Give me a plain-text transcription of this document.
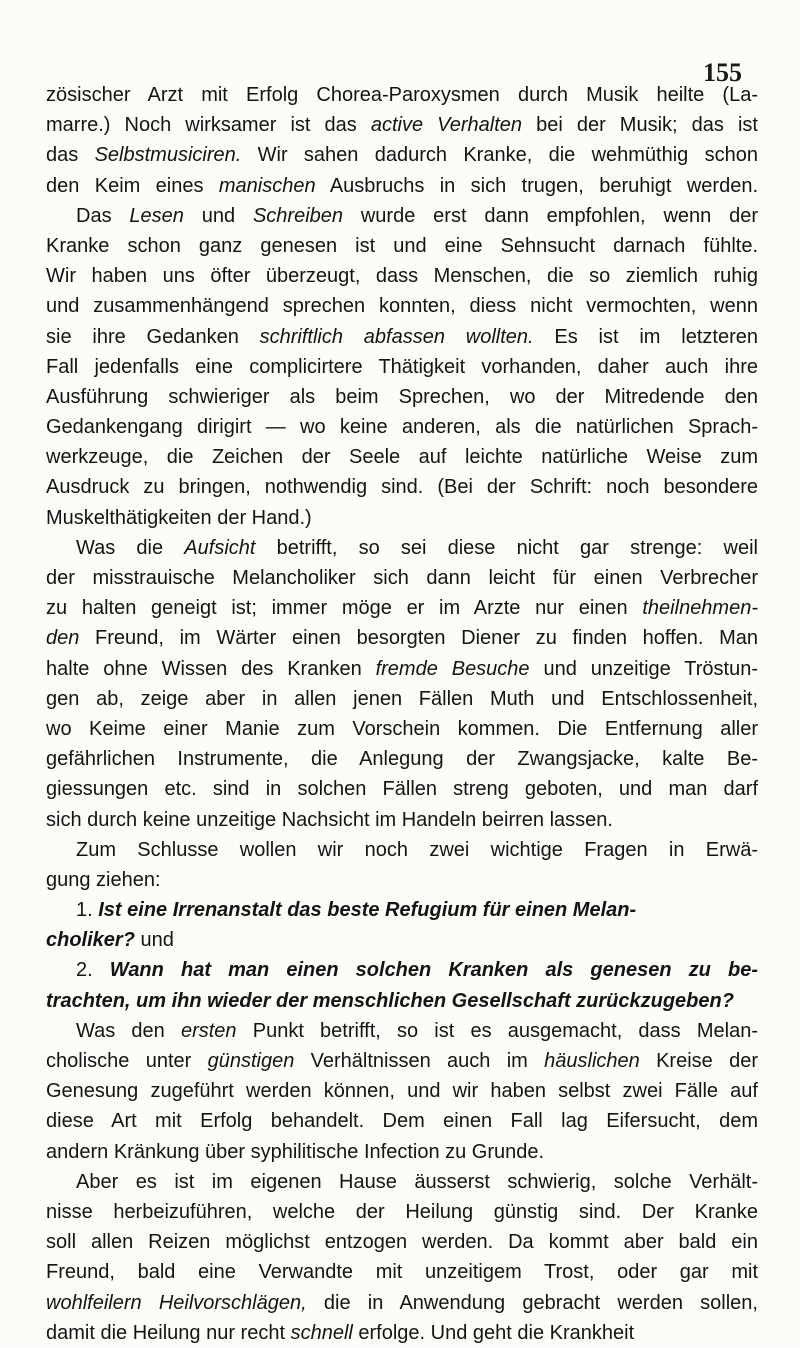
155
zösischer Arzt mit Erfolg Chorea-Paroxysmen durch Musik heilte (La-
marre.) Noch wirksamer ist das active Verhalten bei der Musik; das ist
das Selbstmusiciren. Wir sahen dadurch Kranke, die wehmüthig schon
den Keim eines manischen Ausbruchs in sich trugen, beruhigt werden.
Das Lesen und Schreiben wurde erst dann empfohlen, wenn der
Kranke schon ganz genesen ist und eine Sehnsucht darnach fühlte.
Wir haben uns öfter überzeugt, dass Menschen, die so ziemlich ruhig
und zusammenhängend sprechen konnten, diess nicht vermochten, wenn
sie ihre Gedanken schriftlich abfassen wollten. Es ist im letzteren
Fall jedenfalls eine complicirtere Thätigkeit vorhanden, daher auch ihre
Ausführung schwieriger als beim Sprechen, wo der Mitredende den
Gedankengang dirigirt — wo keine anderen, als die natürlichen Sprach-
werkzeuge, die Zeichen der Seele auf leichte natürliche Weise zum
Ausdruck zu bringen, nothwendig sind. (Bei der Schrift: noch besondere
Muskelthätigkeiten der Hand.)
Was die Aufsicht betrifft, so sei diese nicht gar strenge: weil
der misstrauische Melancholiker sich dann leicht für einen Verbrecher
zu halten geneigt ist; immer möge er im Arzte nur einen theilnehmen-
den Freund, im Wärter einen besorgten Diener zu finden hoffen. Man
halte ohne Wissen des Kranken fremde Besuche und unzeitige Tröstun-
gen ab, zeige aber in allen jenen Fällen Muth und Entschlossenheit,
wo Keime einer Manie zum Vorschein kommen. Die Entfernung aller
gefährlichen Instrumente, die Anlegung der Zwangsjacke, kalte Be-
giessungen etc. sind in solchen Fällen streng geboten, und man darf
sich durch keine unzeitige Nachsicht im Handeln beirren lassen.
Zum Schlusse wollen wir noch zwei wichtige Fragen in Erwä-
gung ziehen:
1. Ist eine Irrenanstalt das beste Refugium für einen Melan-
choliker? und
2. Wann hat man einen solchen Kranken als genesen zu be-
trachten, um ihn wieder der menschlichen Gesellschaft zurückzugeben?
Was den ersten Punkt betrifft, so ist es ausgemacht, dass Melan-
cholische unter günstigen Verhältnissen auch im häuslichen Kreise der
Genesung zugeführt werden können, und wir haben selbst zwei Fälle auf
diese Art mit Erfolg behandelt. Dem einen Fall lag Eifersucht, dem
andern Kränkung über syphilitische Infection zu Grunde.
Aber es ist im eigenen Hause äusserst schwierig, solche Verhält-
nisse herbeizuführen, welche der Heilung günstig sind. Der Kranke
soll allen Reizen möglichst entzogen werden. Da kommt aber bald ein
Freund, bald eine Verwandte mit unzeitigem Trost, oder gar mit
wohlfeilern Heilvorschlägen, die in Anwendung gebracht werden sollen,
damit die Heilung nur recht schnell erfolge. Und geht die Krankheit
